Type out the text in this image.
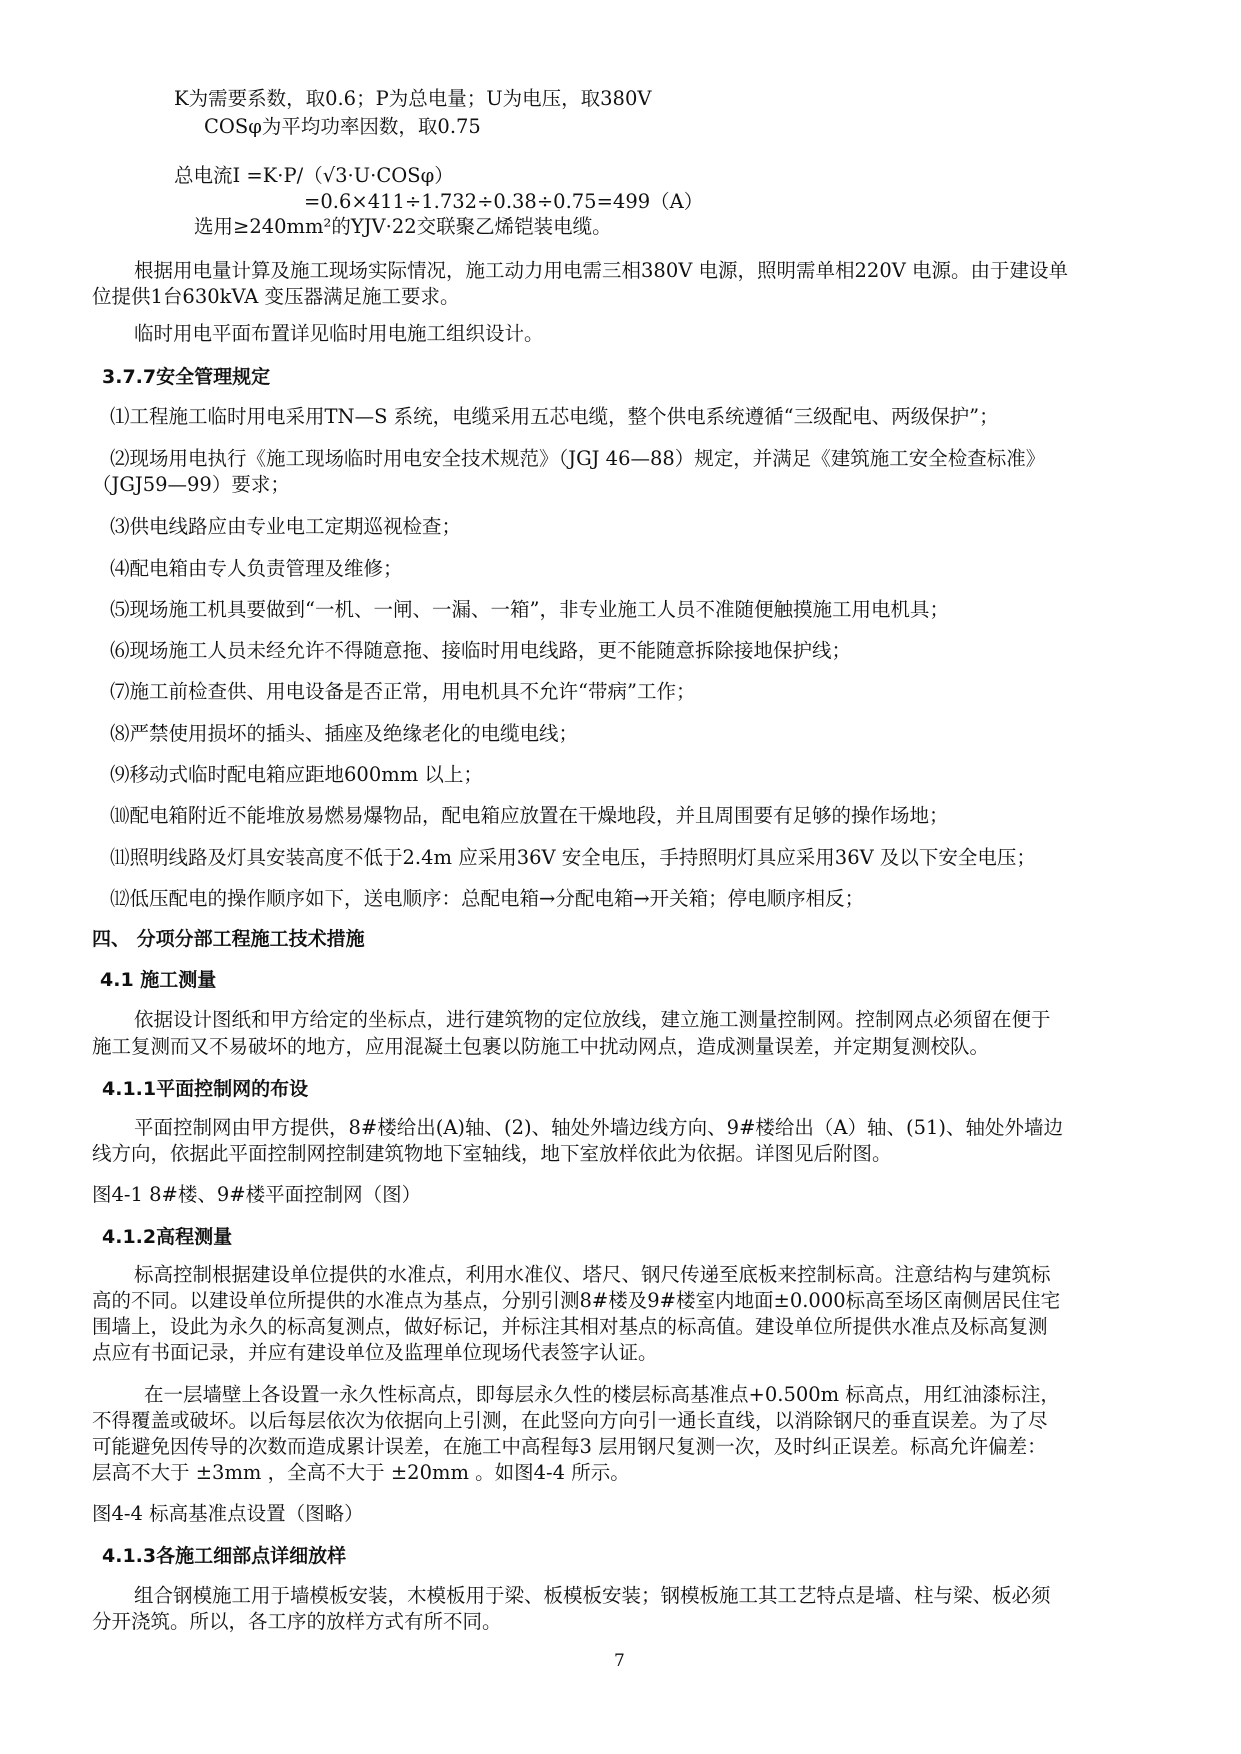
K为需要系数，取0.6；P为总电量；U为电压，取380V
COSφ为平均功率因数，取0.75
总电流I =K·P/（√3·U·COSφ）
=0.6×411÷1.732÷0.38÷0.75=499（A）
选用≥240mm²的YJV·22交联聚乙烯铠装电缆。
根据用电量计算及施工现场实际情况，施工动力用电需三相380V 电源，照明需单相220V 电源。由于建设单
位提供1台630kVA 变压器满足施工要求。
临时用电平面布置详见临时用电施工组织设计。
3.7.7安全管理规定
⑴工程施工临时用电采用TN—S 系统，电缆采用五芯电缆，整个供电系统遵循“三级配电、两级保护”；
⑵现场用电执行《施工现场临时用电安全技术规范》（JGJ 46—88）规定，并满足《建筑施工安全检查标准》
（JGJ59—99）要求；
⑶供电线路应由专业电工定期巡视检查；
⑷配电箱由专人负责管理及维修；
⑸现场施工机具要做到“一机、一闸、一漏、一箱”，非专业施工人员不准随便触摸施工用电机具；
⑹现场施工人员未经允许不得随意拖、接临时用电线路，更不能随意拆除接地保护线；
⑺施工前检查供、用电设备是否正常，用电机具不允许“带病”工作；
⑻严禁使用损坏的插头、插座及绝缘老化的电缆电线；
⑼移动式临时配电箱应距地600mm 以上；
⑽配电箱附近不能堆放易燃易爆物品，配电箱应放置在干燥地段，并且周围要有足够的操作场地；
⑾照明线路及灯具安装高度不低于2.4m 应采用36V 安全电压，手持照明灯具应采用36V 及以下安全电压；
⑿低压配电的操作顺序如下，送电顺序：总配电箱→分配电箱→开关箱；停电顺序相反；
四、 分项分部工程施工技术措施
4.1 施工测量
依据设计图纸和甲方给定的坐标点，进行建筑物的定位放线，建立施工测量控制网。控制网点必须留在便于
施工复测而又不易破坏的地方，应用混凝土包裹以防施工中扰动网点，造成测量误差，并定期复测校队。
4.1.1平面控制网的布设
平面控制网由甲方提供，8#楼给出(A)轴、(2)、轴处外墙边线方向、9#楼给出（A）轴、(51)、轴处外墙边
线方向，依据此平面控制网控制建筑物地下室轴线，地下室放样依此为依据。详图见后附图。
图4-1 8#楼、9#楼平面控制网（图）
4.1.2高程测量
标高控制根据建设单位提供的水准点，利用水准仪、塔尺、钢尺传递至底板来控制标高。注意结构与建筑标
高的不同。以建设单位所提供的水准点为基点，分别引测8#楼及9#楼室内地面±0.000标高至场区南侧居民住宅
围墙上，设此为永久的标高复测点，做好标记，并标注其相对基点的标高值。建设单位所提供水准点及标高复测
点应有书面记录，并应有建设单位及监理单位现场代表签字认证。
在一层墙壁上各设置一永久性标高点，即每层永久性的楼层标高基准点+0.500m 标高点，用红油漆标注，
不得覆盖或破坏。以后每层依次为依据向上引测，在此竖向方向引一通长直线，以消除钢尺的垂直误差。为了尽
可能避免因传导的次数而造成累计误差，在施工中高程每3 层用钢尺复测一次，及时纠正误差。标高允许偏差：
层高不大于 ±3mm ，全高不大于 ±20mm 。如图4-4 所示。
图4-4 标高基准点设置（图略）
4.1.3各施工细部点详细放样
组合钢模施工用于墙模板安装，木模板用于梁、板模板安装；钢模板施工其工艺特点是墙、柱与梁、板必须
分开浇筑。所以，各工序的放样方式有所不同。
7
